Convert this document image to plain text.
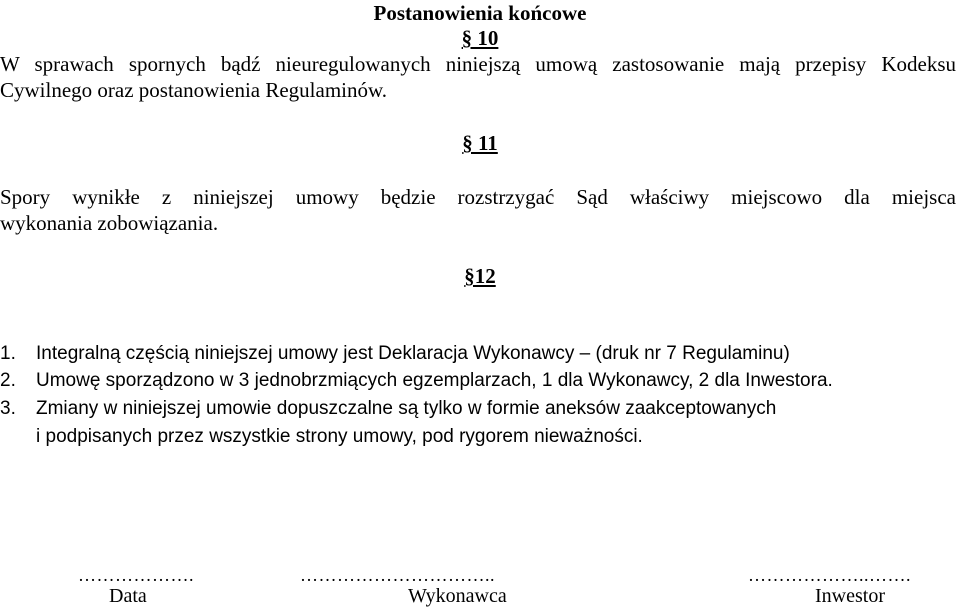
Postanowienia końcowe
§ 10
W sprawach spornych bądź nieuregulowanych niniejszą umową zastosowanie mają przepisy Kodeksu
Cywilnego oraz postanowienia Regulaminów.
§ 11
Spory wynikłe z niniejszej umowy będzie rozstrzygać Sąd właściwy miejscowo dla miejsca
wykonania zobowiązania.
§12
1. Integralną częścią niniejszej umowy jest Deklaracja Wykonawcy – (druk nr 7 Regulaminu)
2. Umowę sporządzono w 3 jednobrzmiących egzemplarzach, 1 dla Wykonawcy, 2 dla Inwestora.
3. Zmiany w niniejszej umowie dopuszczalne są tylko w formie aneksów zaakceptowanych
i podpisanych przez wszystkie strony umowy, pod rygorem nieważności.
……………….	…………………………..	………………..…….
Data	Wykonawca	Inwestor
